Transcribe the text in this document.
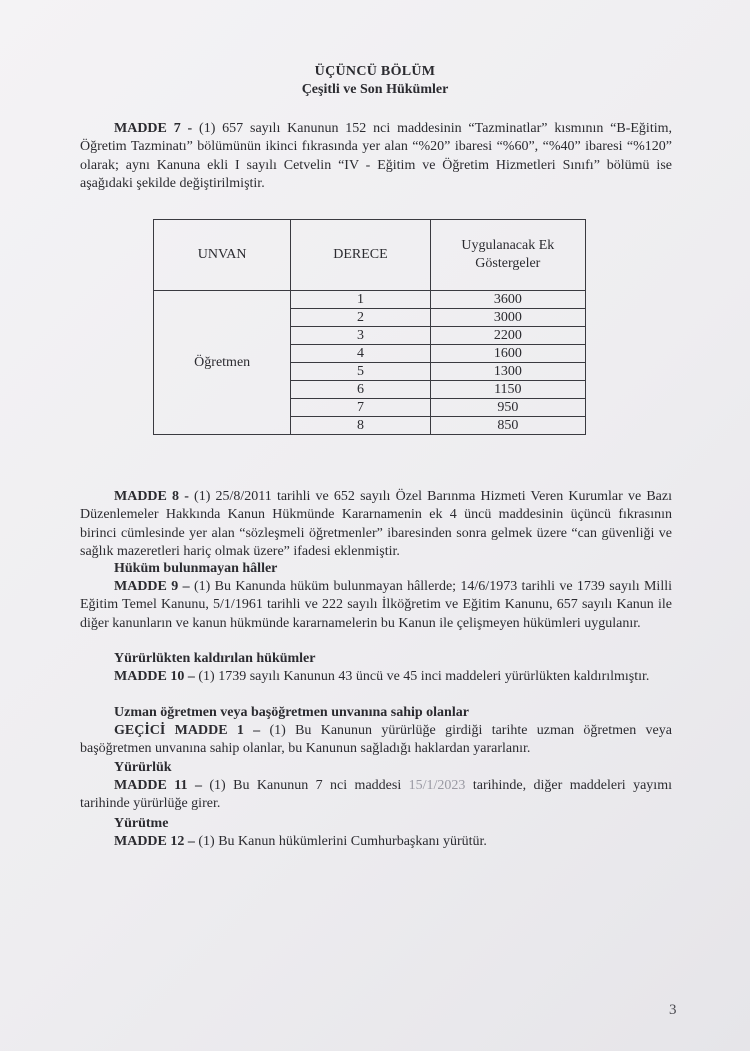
ÜÇÜNCÜ BÖLÜM
Çeşitli ve Son Hükümler
MADDE 7 - (1) 657 sayılı Kanunun 152 nci maddesinin “Tazminatlar” kısmının “B-Eğitim, Öğretim Tazminatı” bölümünün ikinci fıkrasında yer alan “%20” ibaresi “%60”, “%40” ibaresi “%120” olarak; aynı Kanuna ekli I sayılı Cetvelin “IV - Eğitim ve Öğretim Hizmetleri Sınıfı” bölümü ise aşağıdaki şekilde değiştirilmiştir.
UNVAN	DERECE	Uygulanacak Ek Göstergeler
Öğretmen	1	3600
	2	3000
	3	2200
	4	1600
	5	1300
	6	1150
	7	950
	8	850
MADDE 8 - (1) 25/8/2011 tarihli ve 652 sayılı Özel Barınma Hizmeti Veren Kurumlar ve Bazı Düzenlemeler Hakkında Kanun Hükmünde Kararnamenin ek 4 üncü maddesinin üçüncü fıkrasının birinci cümlesinde yer alan “sözleşmeli öğretmenler” ibaresinden sonra gelmek üzere “can güvenliği ve sağlık mazeretleri hariç olmak üzere” ifadesi eklenmiştir.
Hüküm bulunmayan hâller
MADDE 9 – (1) Bu Kanunda hüküm bulunmayan hâllerde; 14/6/1973 tarihli ve 1739 sayılı Milli Eğitim Temel Kanunu, 5/1/1961 tarihli ve 222 sayılı İlköğretim ve Eğitim Kanunu, 657 sayılı Kanun ile diğer kanunların ve kanun hükmünde kararnamelerin bu Kanun ile çelişmeyen hükümleri uygulanır.
Yürürlükten kaldırılan hükümler
MADDE 10 – (1) 1739 sayılı Kanunun 43 üncü ve 45 inci maddeleri yürürlükten kaldırılmıştır.
Uzman öğretmen veya başöğretmen unvanına sahip olanlar
GEÇİCİ MADDE 1 – (1) Bu Kanunun yürürlüğe girdiği tarihte uzman öğretmen veya başöğretmen unvanına sahip olanlar, bu Kanunun sağladığı haklardan yararlanır.
Yürürlük
MADDE 11 – (1) Bu Kanunun 7 nci maddesi 15/1/2023 tarihinde, diğer maddeleri yayımı tarihinde yürürlüğe girer.
Yürütme
MADDE 12 – (1) Bu Kanun hükümlerini Cumhurbaşkanı yürütür.
3
